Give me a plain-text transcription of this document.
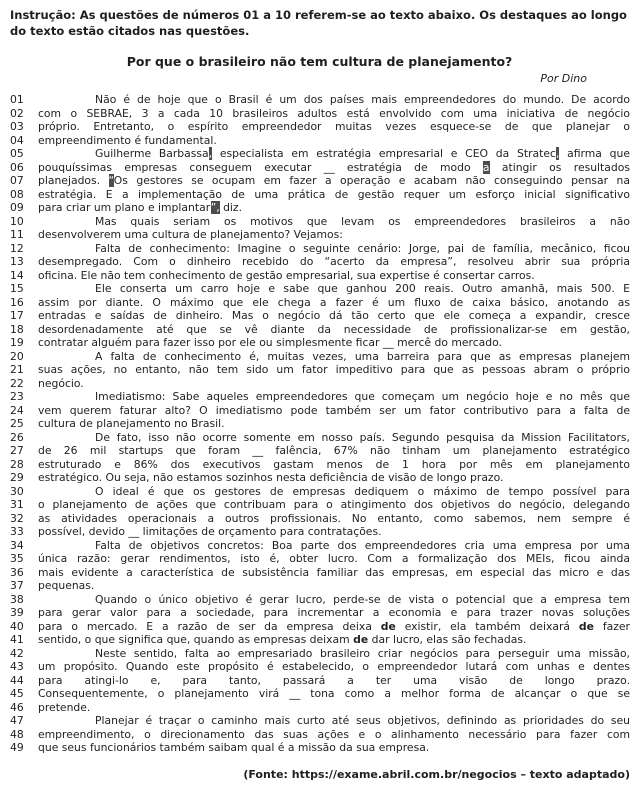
Instrução: As questões de números 01 a 10 referem-se ao texto abaixo. Os destaques ao longo do texto estão citados nas questões.
Por que o brasileiro não tem cultura de planejamento?
Por Dino
01	Não é de hoje que o Brasil é um dos países mais empreendedores do mundo. De acordo
02	com o SEBRAE, 3 a cada 10 brasileiros adultos está envolvido com uma iniciativa de negócio
03	próprio. Entretanto, o espírito empreendedor muitas vezes esquece-se de que planejar o
04	empreendimento é fundamental.
05	Guilherme Barbassa, especialista em estratégia empresarial e CEO da Stratec, afirma que
06	pouquíssimas empresas conseguem executar __ estratégia de modo a atingir os resultados
07	planejados. “Os gestores se ocupam em fazer a operação e acabam não conseguindo pensar na
08	estratégia. E a implementação de uma prática de gestão requer um esforço inicial significativo
09	para criar um plano e implantar”, diz.
10	Mas quais seriam os motivos que levam os empreendedores brasileiros a não
11	desenvolverem uma cultura de planejamento? Vejamos:
12	Falta de conhecimento: Imagine o seguinte cenário: Jorge, pai de família, mecânico, ficou
13	desempregado. Com o dinheiro recebido do “acerto da empresa”, resolveu abrir sua própria
14	oficina. Ele não tem conhecimento de gestão empresarial, sua expertise é consertar carros.
15	Ele conserta um carro hoje e sabe que ganhou 200 reais. Outro amanhã, mais 500. E
16	assim por diante. O máximo que ele chega a fazer é um fluxo de caixa básico, anotando as
17	entradas e saídas de dinheiro. Mas o negócio dá tão certo que ele começa a expandir, cresce
18	desordenadamente até que se vê diante da necessidade de profissionalizar-se em gestão,
19	contratar alguém para fazer isso por ele ou simplesmente ficar __ mercê do mercado.
20	A falta de conhecimento é, muitas vezes, uma barreira para que as empresas planejem
21	suas ações, no entanto, não tem sido um fator impeditivo para que as pessoas abram o próprio
22	negócio.
23	Imediatismo: Sabe aqueles empreendedores que começam um negócio hoje e no mês que
24	vem querem faturar alto? O imediatismo pode também ser um fator contributivo para a falta de
25	cultura de planejamento no Brasil.
26	De fato, isso não ocorre somente em nosso país. Segundo pesquisa da Mission Facilitators,
27	de 26 mil startups que foram __ falência, 67% não tinham um planejamento estratégico
28	estruturado e 86% dos executivos gastam menos de 1 hora por mês em planejamento
29	estratégico. Ou seja, não estamos sozinhos nesta deficiência de visão de longo prazo.
30	O ideal é que os gestores de empresas dediquem o máximo de tempo possível para
31	o planejamento de ações que contribuam para o atingimento dos objetivos do negócio, delegando
32	as atividades operacionais a outros profissionais. No entanto, como sabemos, nem sempre é
33	possível, devido __ limitações de orçamento para contratações.
34	Falta de objetivos concretos: Boa parte dos empreendedores cria uma empresa por uma
35	única razão: gerar rendimentos, isto é, obter lucro. Com a formalização dos MEIs, ficou ainda
36	mais evidente a característica de subsistência familiar das empresas, em especial das micro e das
37	pequenas.
38	Quando o único objetivo é gerar lucro, perde-se de vista o potencial que a empresa tem
39	para gerar valor para a sociedade, para incrementar a economia e para trazer novas soluções
40	para o mercado. E a razão de ser da empresa deixa de existir, ela também deixará de fazer
41	sentido, o que significa que, quando as empresas deixam de dar lucro, elas são fechadas.
42	Neste sentido, falta ao empresariado brasileiro criar negócios para perseguir uma missão,
43	um propósito. Quando este propósito é estabelecido, o empreendedor lutará com unhas e dentes
44	para atingi-lo e, para tanto, passará a ter uma visão de longo prazo.
45	Consequentemente, o planejamento virá __ tona como a melhor forma de alcançar o que se
46	pretende.
47	Planejar é traçar o caminho mais curto até seus objetivos, definindo as prioridades do seu
48	empreendimento, o direcionamento das suas ações e o alinhamento necessário para fazer com
49	que seus funcionários também saibam qual é a missão da sua empresa.
(Fonte: https://exame.abril.com.br/negocios – texto adaptado)
